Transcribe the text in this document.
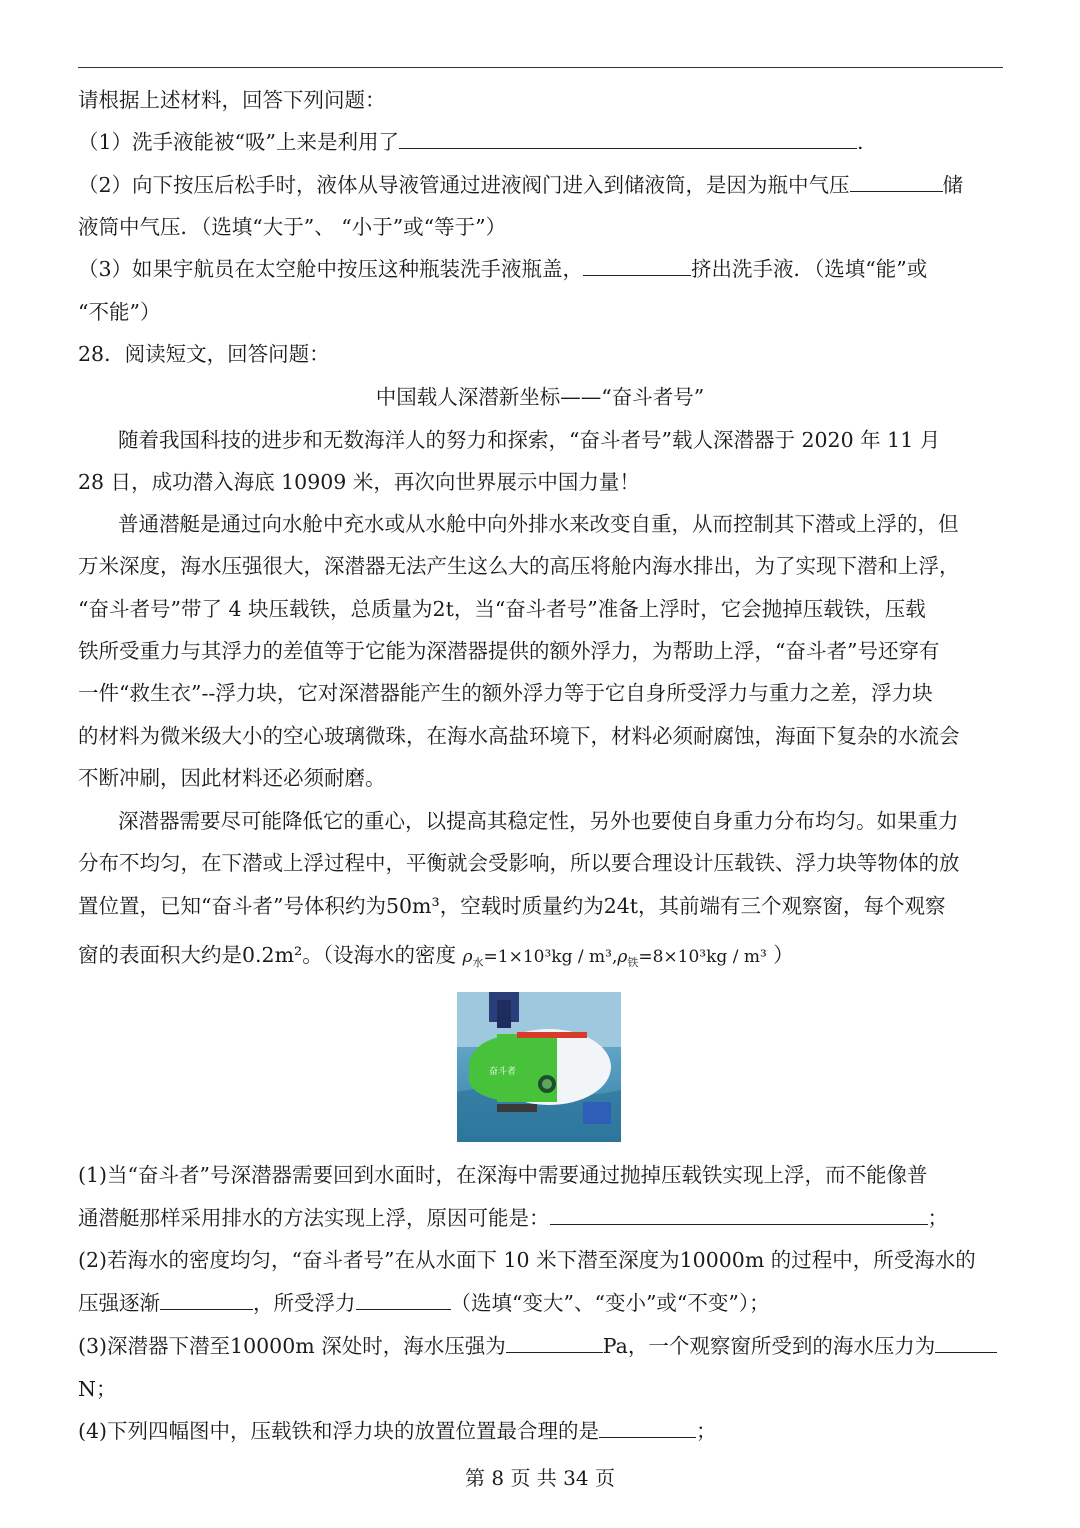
请根据上述材料，回答下列问题：
（1）洗手液能被“吸”上来是利用了	.
（2）向下按压后松手时，液体从导液管通过进液阀门进入到储液筒，是因为瓶中气压	储
液筒中气压．（选填“大于”、 “小于”或“等于”）
（3）如果宇航员在太空舱中按压这种瓶装洗手液瓶盖，	挤出洗手液．（选填“能”或
“不能”）
28．阅读短文，回答问题：
中国载人深潜新坐标——“奋斗者号”
随着我国科技的进步和无数海洋人的努力和探索，“奋斗者号”载人深潜器于 2020 年 11 月
28 日，成功潜入海底 10909 米，再次向世界展示中国力量！
普通潜艇是通过向水舱中充水或从水舱中向外排水来改变自重，从而控制其下潜或上浮的，但
万米深度，海水压强很大，深潜器无法产生这么大的高压将舱内海水排出，为了实现下潜和上浮，
“奋斗者号”带了 4 块压载铁，总质量为2t，当“奋斗者号”准备上浮时，它会抛掉压载铁，压载
铁所受重力与其浮力的差值等于它能为深潜器提供的额外浮力，为帮助上浮，“奋斗者”号还穿有
一件“救生衣”--浮力块，它对深潜器能产生的额外浮力等于它自身所受浮力与重力之差，浮力块
的材料为微米级大小的空心玻璃微珠，在海水高盐环境下，材料必须耐腐蚀，海面下复杂的水流会
不断冲刷，因此材料还必须耐磨。
深潜器需要尽可能降低它的重心，以提高其稳定性，另外也要使自身重力分布均匀。如果重力
分布不均匀，在下潜或上浮过程中，平衡就会受影响，所以要合理设计压载铁、浮力块等物体的放
置位置，已知“奋斗者”号体积约为50m³，空载时质量约为24t，其前端有三个观察窗，每个观察
窗的表面积大约是0.2m²。（设海水的密度 $\rho_水=1\times 10^3kg / m^3,\rho_铁=8\times 10^3kg / m^3$ ）
奋斗者
(1)当“奋斗者”号深潜器需要回到水面时，在深海中需要通过抛掉压载铁实现上浮，而不能像普
通潜艇那样采用排水的方法实现上浮，原因可能是：	；
(2)若海水的密度均匀，“奋斗者号”在从水面下 10 米下潜至深度为10000m 的过程中，所受海水的
压强逐渐	，所受浮力	（选填“变大”、“变小”或“不变”）；
(3)深潜器下潜至10000m 深处时，海水压强为	Pa，一个观察窗所受到的海水压力为
N；
(4)下列四幅图中，压载铁和浮力块的放置位置最合理的是	；
第 8 页 共 34 页
